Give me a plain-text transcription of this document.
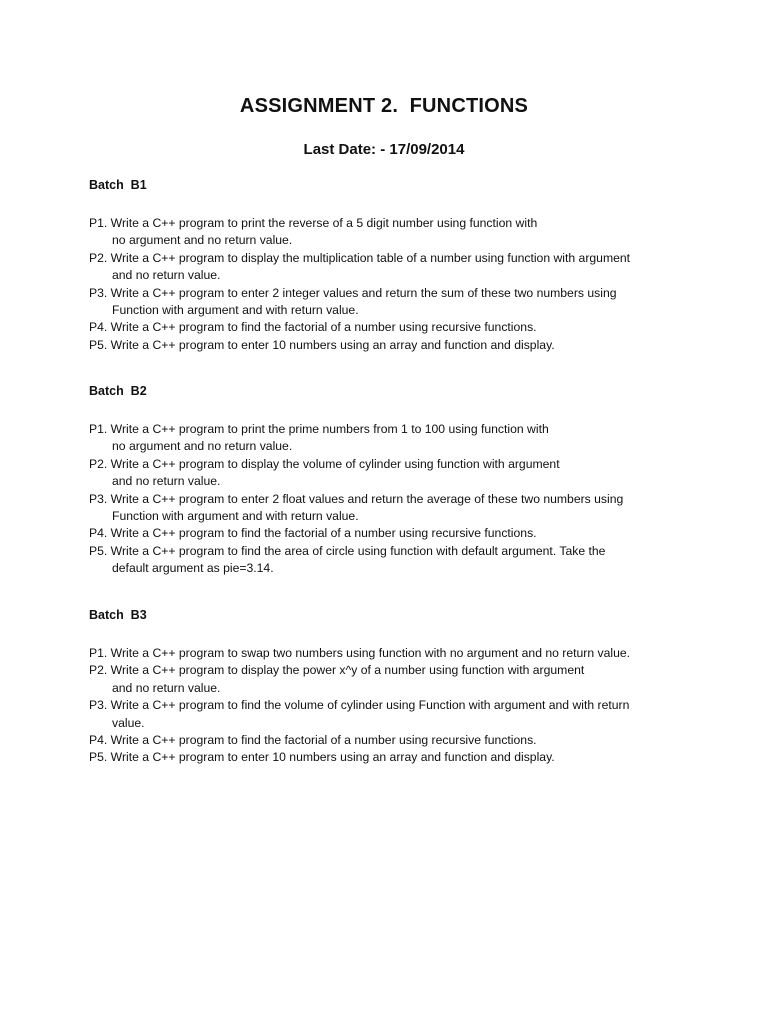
ASSIGNMENT 2.  FUNCTIONS
Last Date: - 17/09/2014
Batch  B1
P1. Write a C++ program to print the reverse of a 5 digit number using function with
no argument and no return value.
P2. Write a C++ program to display the multiplication table of a number using function with argument
and no return value.
P3. Write a C++ program to enter 2 integer values and return the sum of these two numbers using
Function with argument and with return value.
P4. Write a C++ program to find the factorial of a number using recursive functions.
P5. Write a C++ program to enter 10 numbers using an array and function and display.
Batch  B2
P1. Write a C++ program to print the prime numbers from 1 to 100 using function with
no argument and no return value.
P2. Write a C++ program to display the volume of cylinder using function with argument
and no return value.
P3. Write a C++ program to enter 2 float values and return the average of these two numbers using
Function with argument and with return value.
P4. Write a C++ program to find the factorial of a number using recursive functions.
P5. Write a C++ program to find the area of circle using function with default argument. Take the
default argument as pie=3.14.
Batch  B3
P1. Write a C++ program to swap two numbers using function with no argument and no return value.
P2. Write a C++ program to display the power x^y of a number using function with argument
and no return value.
P3. Write a C++ program to find the volume of cylinder using Function with argument and with return
value.
P4. Write a C++ program to find the factorial of a number using recursive functions.
P5. Write a C++ program to enter 10 numbers using an array and function and display.
